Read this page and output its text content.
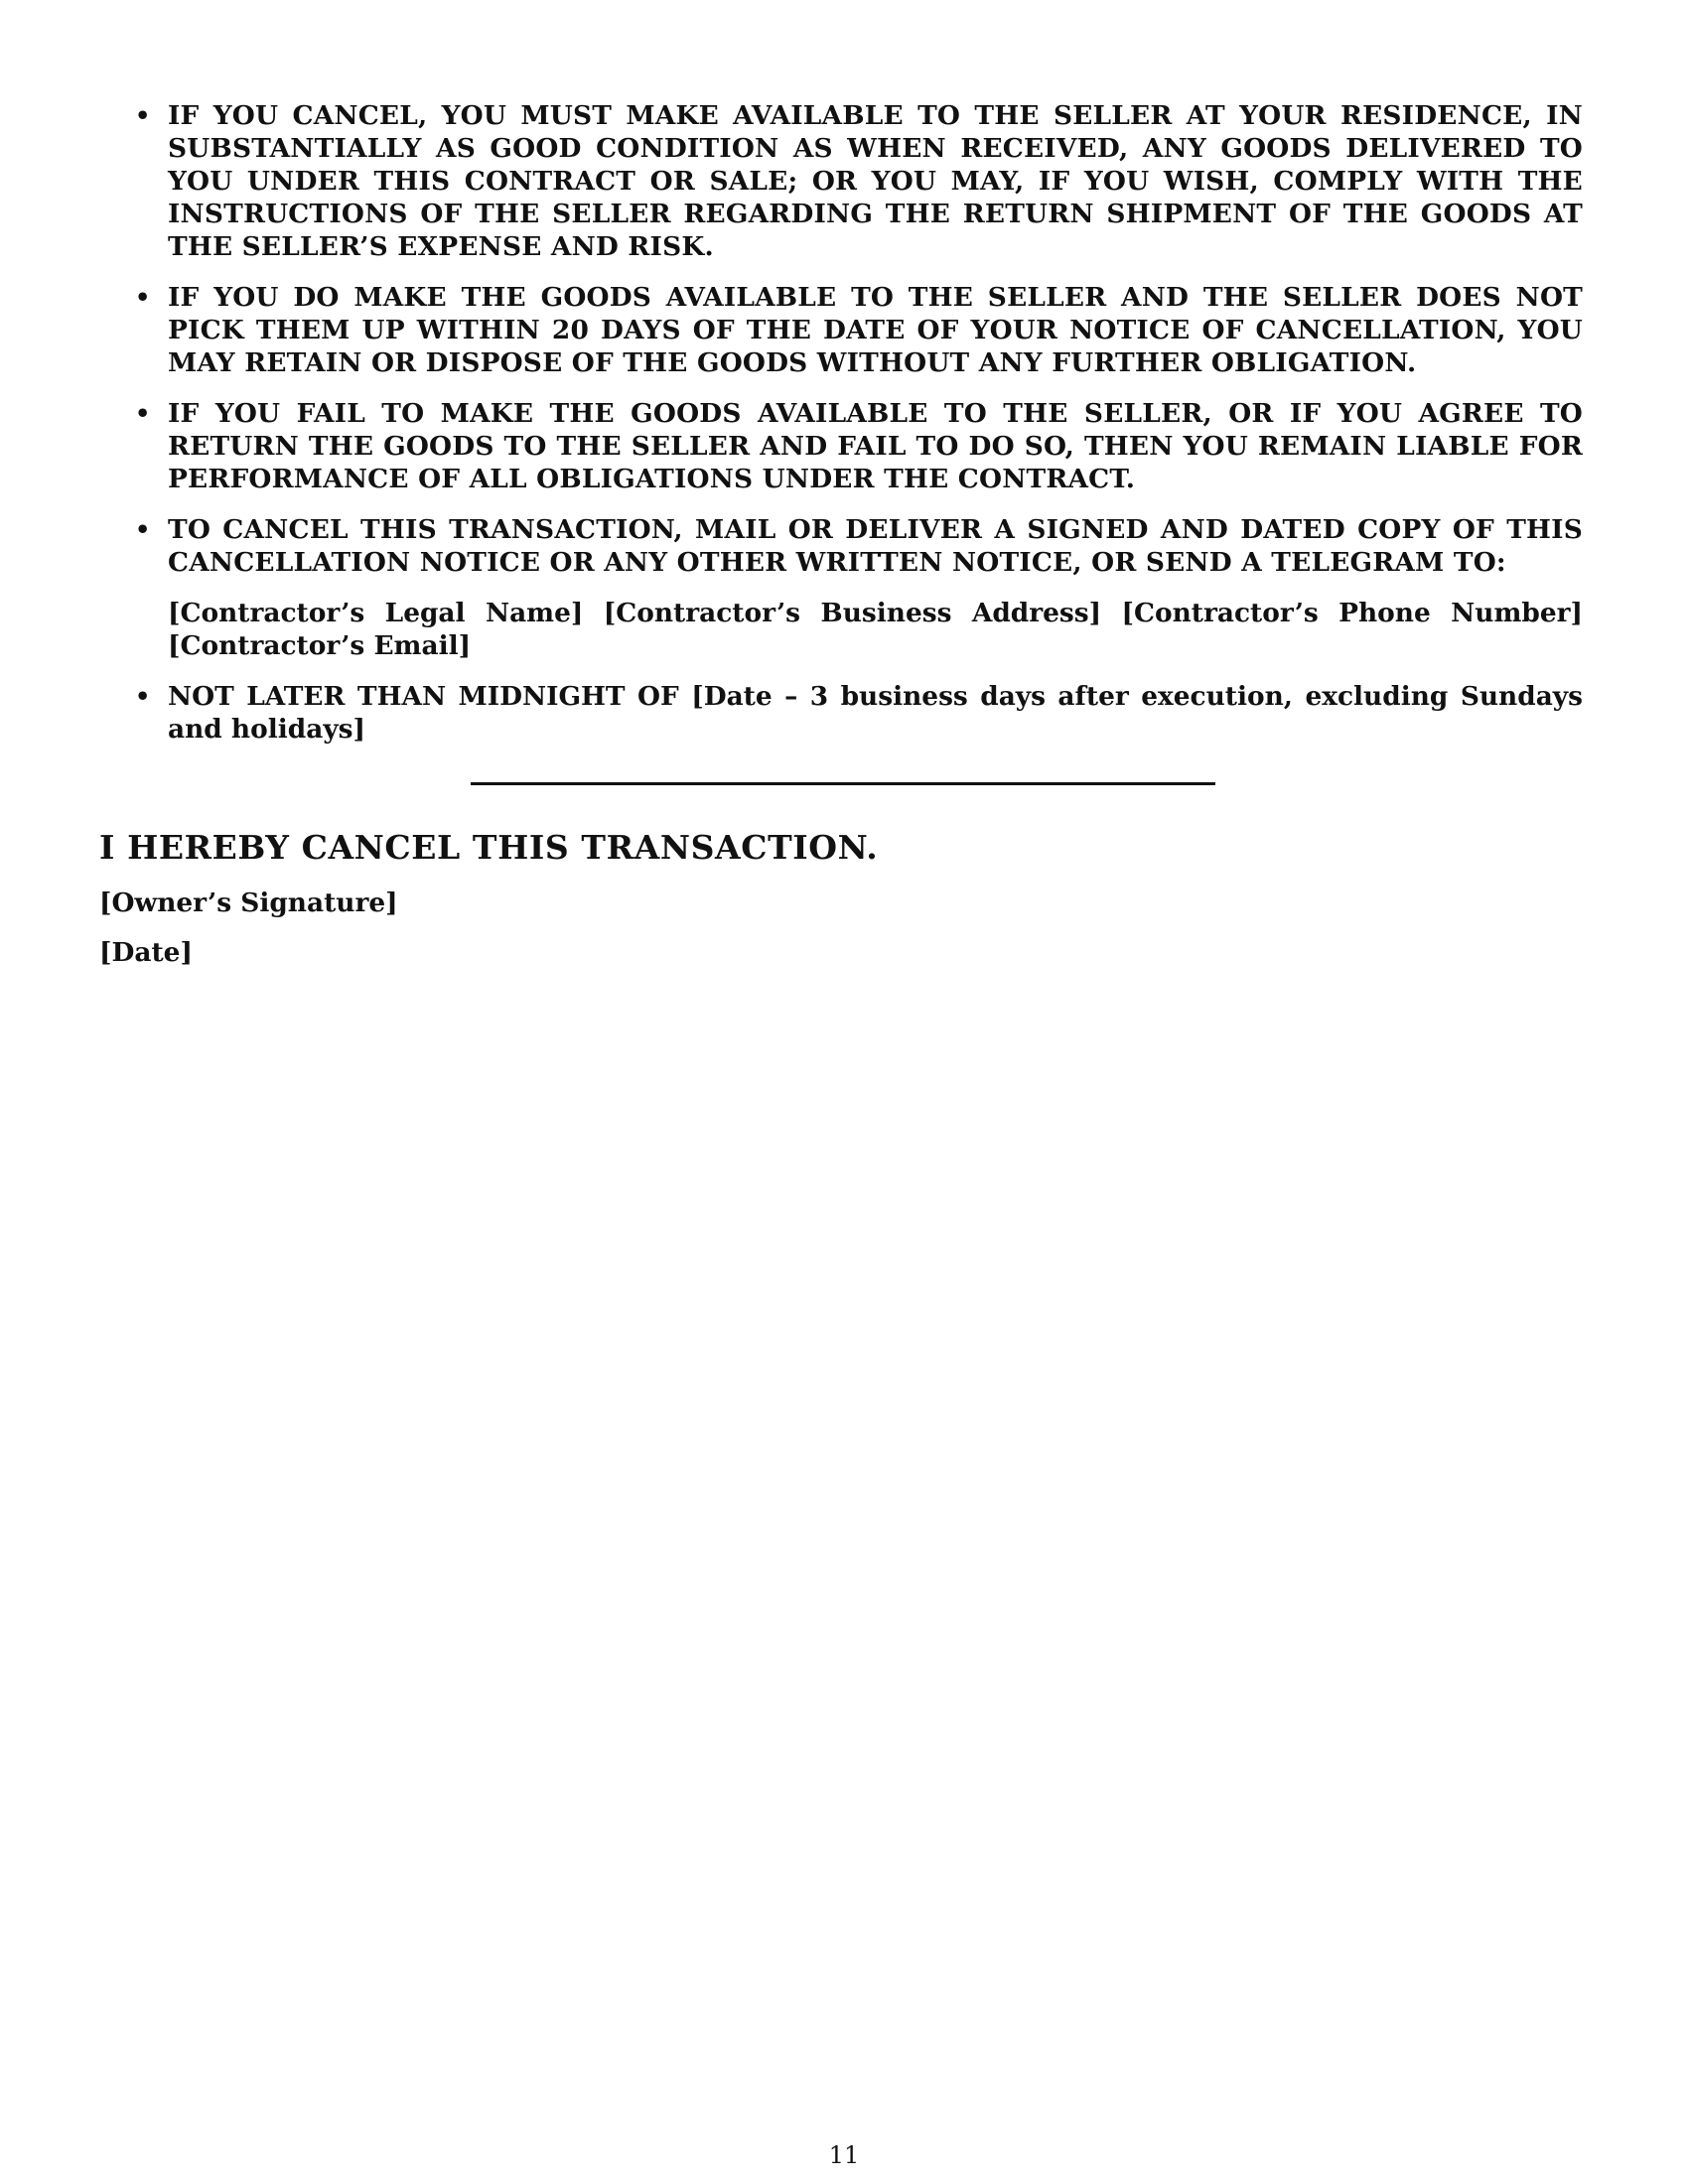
• IF YOU CANCEL, YOU MUST MAKE AVAILABLE TO THE SELLER AT YOUR RESIDENCE, IN SUBSTANTIALLY AS GOOD CONDITION AS WHEN RECEIVED, ANY GOODS DELIVERED TO YOU UNDER THIS CONTRACT OR SALE; OR YOU MAY, IF YOU WISH, COMPLY WITH THE INSTRUCTIONS OF THE SELLER REGARDING THE RETURN SHIPMENT OF THE GOODS AT THE SELLER’S EXPENSE AND RISK.
• IF YOU DO MAKE THE GOODS AVAILABLE TO THE SELLER AND THE SELLER DOES NOT PICK THEM UP WITHIN 20 DAYS OF THE DATE OF YOUR NOTICE OF CANCELLATION, YOU MAY RETAIN OR DISPOSE OF THE GOODS WITHOUT ANY FURTHER OBLIGATION.
• IF YOU FAIL TO MAKE THE GOODS AVAILABLE TO THE SELLER, OR IF YOU AGREE TO RETURN THE GOODS TO THE SELLER AND FAIL TO DO SO, THEN YOU REMAIN LIABLE FOR PERFORMANCE OF ALL OBLIGATIONS UNDER THE CONTRACT.
• TO CANCEL THIS TRANSACTION, MAIL OR DELIVER A SIGNED AND DATED COPY OF THIS CANCELLATION NOTICE OR ANY OTHER WRITTEN NOTICE, OR SEND A TELEGRAM TO:

[Contractor’s Legal Name] [Contractor’s Business Address] [Contractor’s Phone Number] [Contractor’s Email]

• NOT LATER THAN MIDNIGHT OF [Date – 3 business days after execution, excluding Sundays and holidays]
I HEREBY CANCEL THIS TRANSACTION.

[Owner’s Signature]

[Date]

11
